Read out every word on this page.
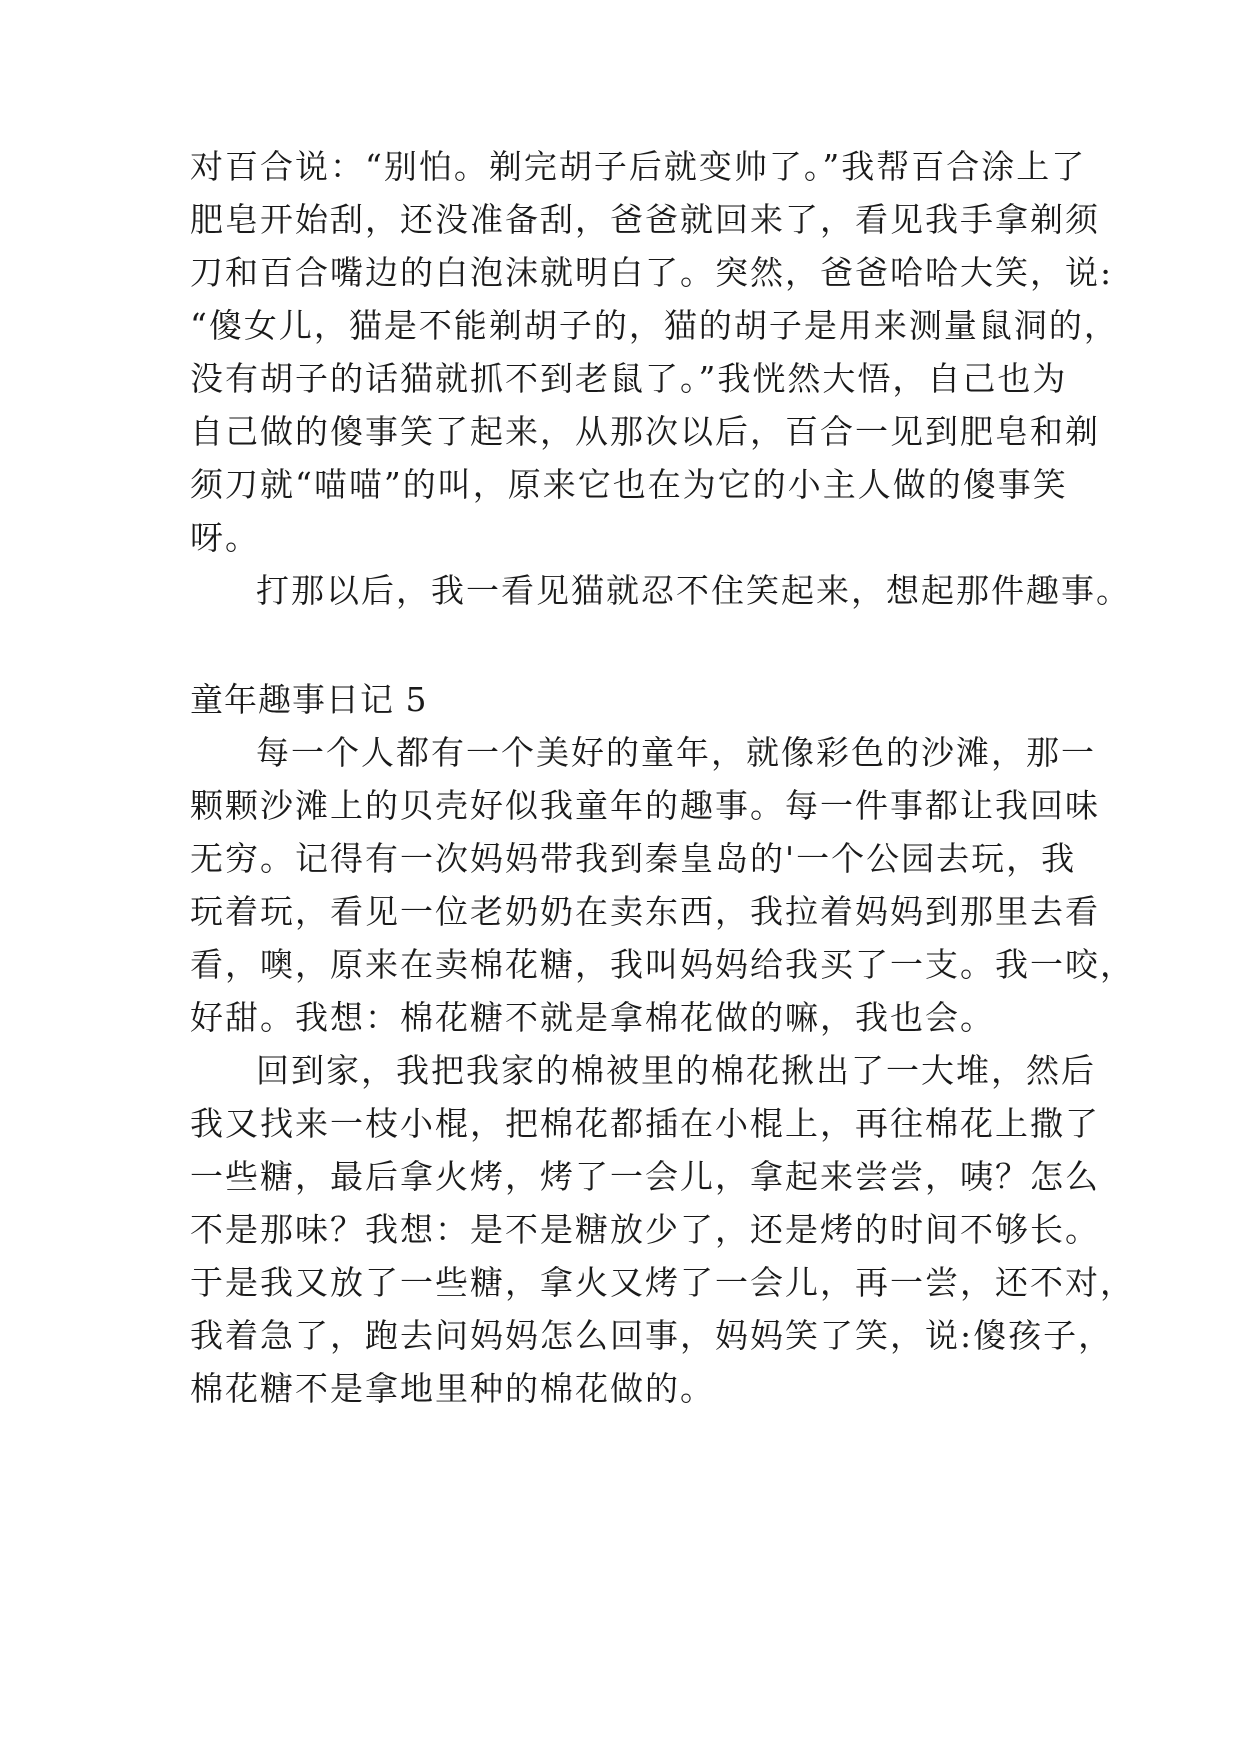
对百合说：“别怕。剃完胡子后就变帅了。”我帮百合涂上了
肥皂开始刮，还没准备刮，爸爸就回来了，看见我手拿剃须
刀和百合嘴边的白泡沫就明白了。突然，爸爸哈哈大笑，说:
“傻女儿，猫是不能剃胡子的，猫的胡子是用来测量鼠洞的，
没有胡子的话猫就抓不到老鼠了。”我恍然大悟，自己也为
自己做的傻事笑了起来，从那次以后，百合一见到肥皂和剃
须刀就“喵喵”的叫，原来它也在为它的小主人做的傻事笑
呀。
打那以后，我一看见猫就忍不住笑起来，想起那件趣事。
童年趣事日记 5
每一个人都有一个美好的童年，就像彩色的沙滩，那一
颗颗沙滩上的贝壳好似我童年的趣事。每一件事都让我回味
无穷。记得有一次妈妈带我到秦皇岛的'一个公园去玩，我
玩着玩，看见一位老奶奶在卖东西，我拉着妈妈到那里去看
看，噢，原来在卖棉花糖，我叫妈妈给我买了一支。我一咬，
好甜。我想：棉花糖不就是拿棉花做的嘛，我也会。
回到家，我把我家的棉被里的棉花揪出了一大堆，然后
我又找来一枝小棍，把棉花都插在小棍上，再往棉花上撒了
一些糖，最后拿火烤，烤了一会儿，拿起来尝尝，咦？怎么
不是那味？我想：是不是糖放少了，还是烤的时间不够长。
于是我又放了一些糖，拿火又烤了一会儿，再一尝，还不对，
我着急了，跑去问妈妈怎么回事，妈妈笑了笑，说:傻孩子，
棉花糖不是拿地里种的棉花做的。
